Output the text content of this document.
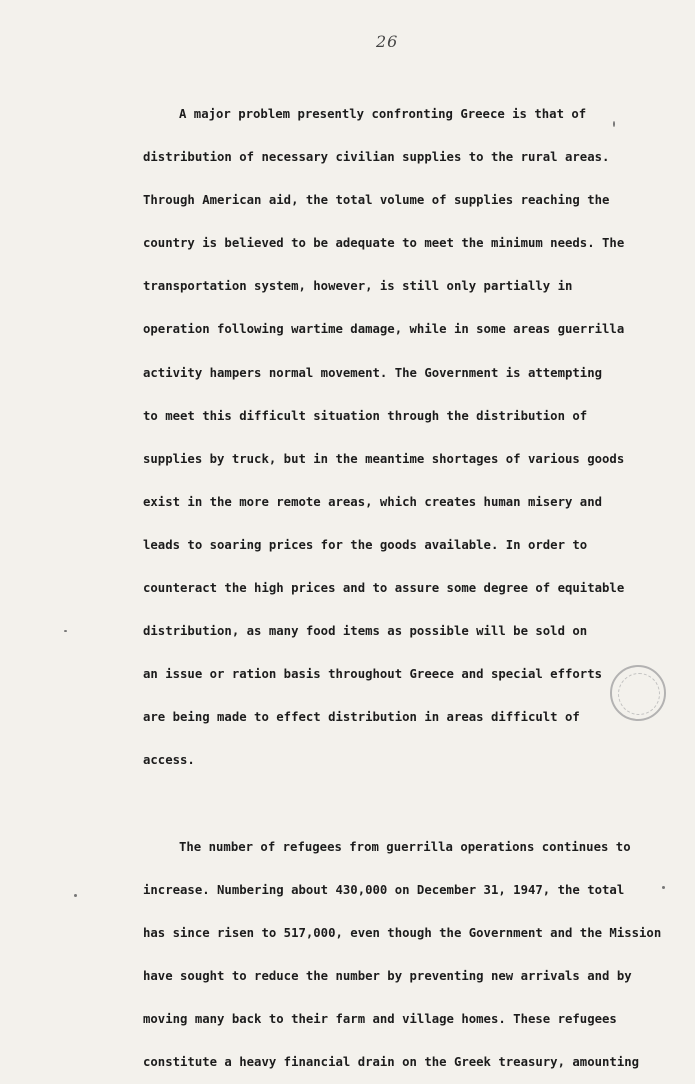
26
A major problem presently confronting Greece is that of
distribution of necessary civilian supplies to the rural areas.
Through American aid, the total volume of supplies reaching the
country is believed to be adequate to meet the minimum needs. The
transportation system, however, is still only partially in
operation following wartime damage, while in some areas guerrilla
activity hampers normal movement. The Government is attempting
to meet this difficult situation through the distribution of
supplies by truck, but in the meantime shortages of various goods
exist in the more remote areas, which creates human misery and
leads to soaring prices for the goods available. In order to
counteract the high prices and to assure some degree of equitable
distribution, as many food items as possible will be sold on
an issue or ration basis throughout Greece and special efforts
are being made to effect distribution in areas difficult of
access.
The number of refugees from guerrilla operations continues to
increase. Numbering about 430,000 on December 31, 1947, the total
has since risen to 517,000, even though the Government and the Mission
have sought to reduce the number by preventing new arrivals and by
moving many back to their farm and village homes. These refugees
constitute a heavy financial drain on the Greek treasury, amounting
